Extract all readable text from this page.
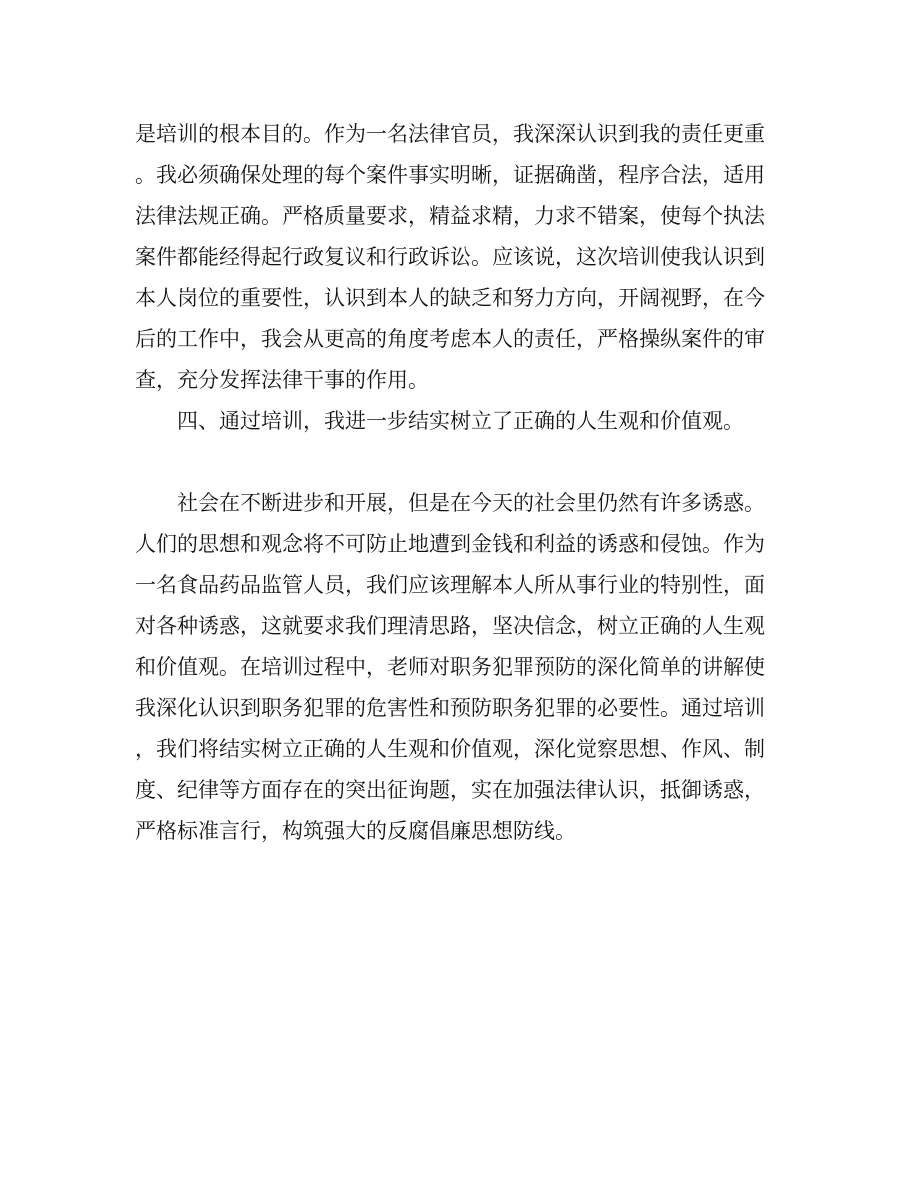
是培训的根本目的。作为一名法律官员，我深深认识到我的责任更重
。我必须确保处理的每个案件事实明晰，证据确凿，程序合法，适用
法律法规正确。严格质量要求，精益求精，力求不错案，使每个执法
案件都能经得起行政复议和行政诉讼。应该说，这次培训使我认识到
本人岗位的重要性，认识到本人的缺乏和努力方向，开阔视野，在今
后的工作中，我会从更高的角度考虑本人的责任，严格操纵案件的审
查，充分发挥法律干事的作用。
四、通过培训，我进一步结实树立了正确的人生观和价值观。
社会在不断进步和开展，但是在今天的社会里仍然有许多诱惑。
人们的思想和观念将不可防止地遭到金钱和利益的诱惑和侵蚀。作为
一名食品药品监管人员，我们应该理解本人所从事行业的特别性，面
对各种诱惑，这就要求我们理清思路，坚决信念，树立正确的人生观
和价值观。在培训过程中，老师对职务犯罪预防的深化简单的讲解使
我深化认识到职务犯罪的危害性和预防职务犯罪的必要性。通过培训
，我们将结实树立正确的人生观和价值观，深化觉察思想、作风、制
度、纪律等方面存在的突出征询题，实在加强法律认识，抵御诱惑，
严格标准言行，构筑强大的反腐倡廉思想防线。
